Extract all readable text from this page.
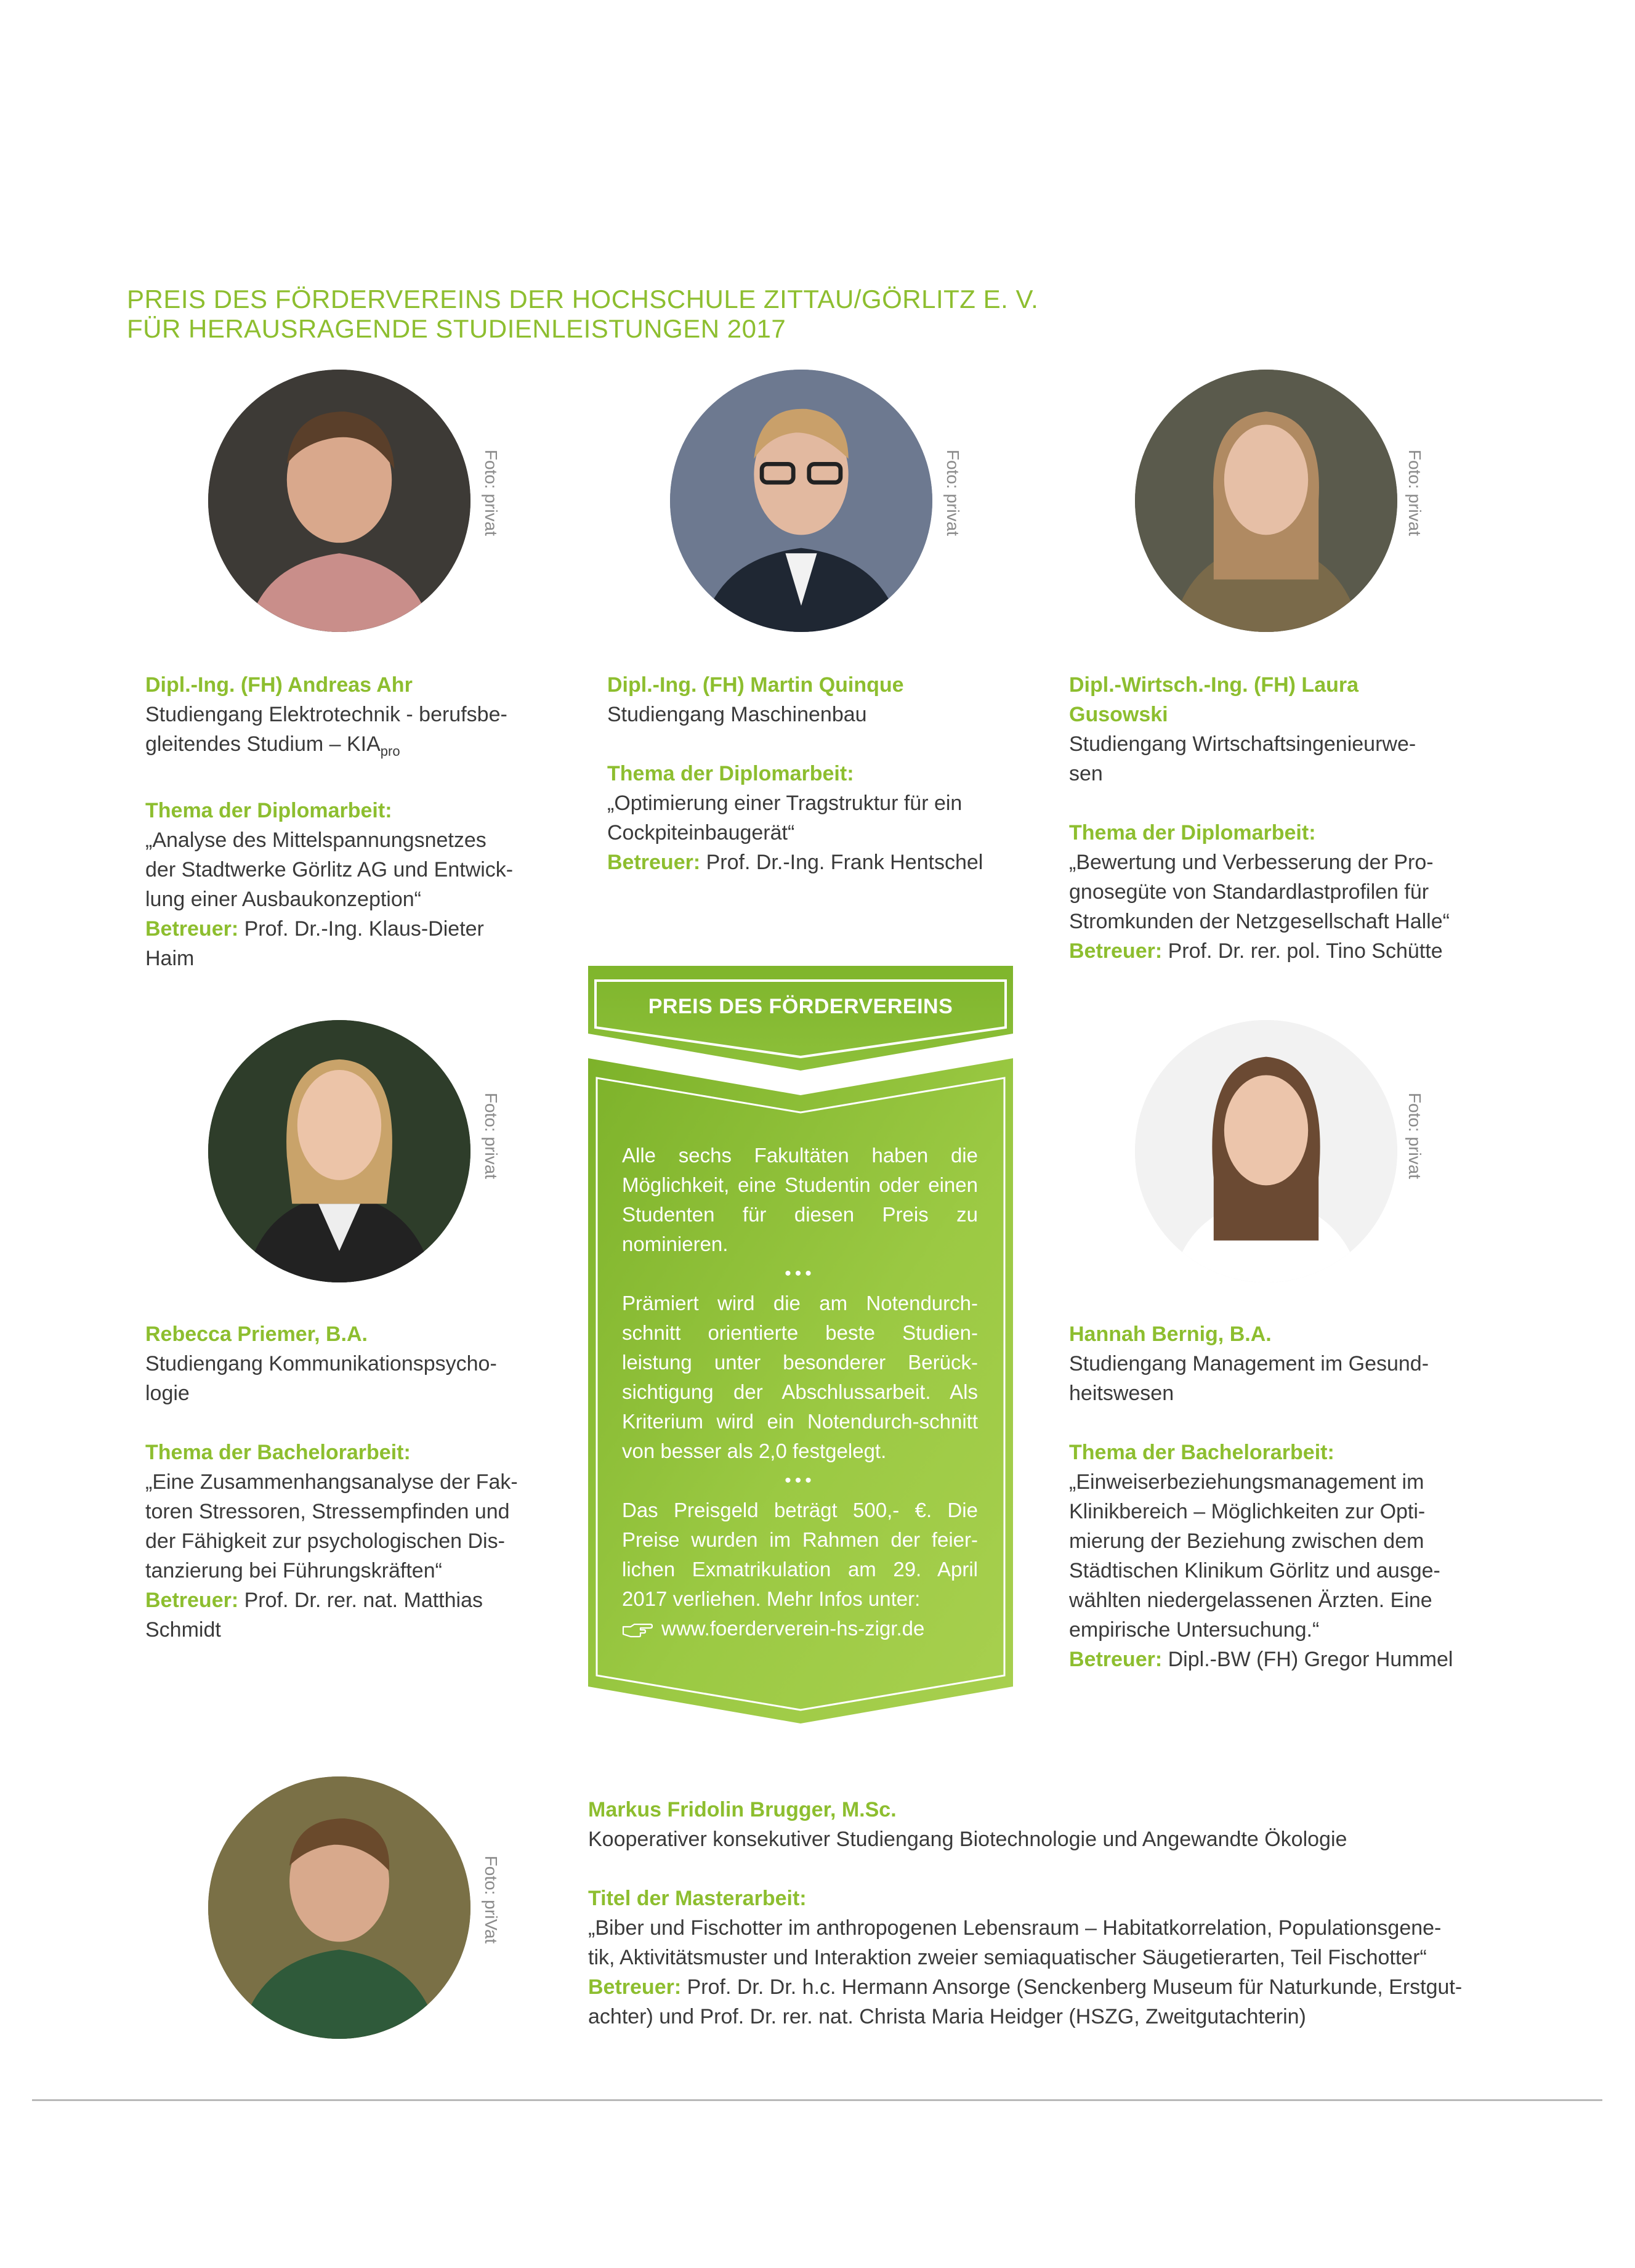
PREIS DES FÖRDERVEREINS DER HOCHSCHULE ZITTAU/GÖRLITZ E. V.
FÜR HERAUSRAGENDE STUDIENLEISTUNGEN 2017
Foto: privat	Foto: privat	Foto: privat
Foto: privat	Foto: privat
Foto: priVat

Dipl.-Ing. (FH) Andreas Ahr

Studiengang Elektrotechnik - berufsbe-
gleitendes Studium – $KIA_{pro}$

Thema der Diplomarbeit:

„Analyse des Mittelspannungsnetzes
der Stadtwerke Görlitz AG und Entwick-
lung einer Ausbaukonzeption“

Betreuer: Prof. Dr.-Ing. Klaus-Dieter Haim

Dipl.-Ing. (FH) Martin Quinque

Studiengang Maschinenbau

Thema der Diplomarbeit:

„Optimierung einer Tragstruktur für ein
Cockpiteinbaugerät“

Betreuer: Prof. Dr.-Ing. Frank Hentschel

Dipl.-Wirtsch.-Ing. (FH) Laura Gusowski

Studiengang Wirtschaftsingenieurwe-
sen

Thema der Diplomarbeit:

„Bewertung und Verbesserung der Pro-
gnosegüte von Standardlastprofilen für
Stromkunden der Netzgesellschaft Halle“

Betreuer: Prof. Dr. rer. pol. Tino Schütte

Rebecca Priemer, B.A.

Studiengang Kommunikationspsycho-
logie

Thema der Bachelorarbeit:

„Eine Zusammenhangsanalyse der Fak-
toren Stressoren, Stressempfinden und
der Fähigkeit zur psychologischen Dis-
tanzierung bei Führungskräften“

Betreuer: Prof. Dr. rer. nat. Matthias
Schmidt

Hannah Bernig, B.A.

Studiengang Management im Gesund-
heitswesen

Thema der Bachelorarbeit:

„Einweiserbeziehungsmanagement im
Klinikbereich – Möglichkeiten zur Opti-
mierung der Beziehung zwischen dem
Städtischen Klinikum Görlitz und ausge-
wählten niedergelassenen Ärzten. Eine
empirische Untersuchung.“

Betreuer: Dipl.-BW (FH) Gregor Hummel

Markus Fridolin Brugger, M.Sc.

Kooperativer konsekutiver Studiengang Biotechnologie und Angewandte Ökologie

Titel der Masterarbeit:

„Biber und Fischotter im anthropogenen Lebensraum – Habitatkorrelation, Populationsgene-
tik, Aktivitätsmuster und Interaktion zweier semiaquatischer Säugetierarten, Teil Fischotter“

Betreuer: Prof. Dr. Dr. h.c. Hermann Ansorge (Senckenberg Museum für Naturkunde, Erstgut-
achter) und Prof. Dr. rer. nat. Christa Maria Heidger (HSZG, Zweitgutachterin)

PREIS DES FÖRDERVEREINS

Alle sechs Fakultäten haben die Möglichkeit, eine Studentin oder einen Studenten für diesen Preis zu nominieren.

•••

Prämiert wird die am Notendurch-schnitt orientierte beste Studien-leistung unter besonderer Berück-sichtigung der Abschlussarbeit. Als Kriterium wird ein Notendurch-schnitt von besser als 2,0 festgelegt.

•••

Das Preisgeld beträgt 500,- €. Die Preise wurden im Rahmen der feier-lichen Exmatrikulation am 29. April 2017 verliehen. Mehr Infos unter:

www.foerderverein-hs-zigr.de
